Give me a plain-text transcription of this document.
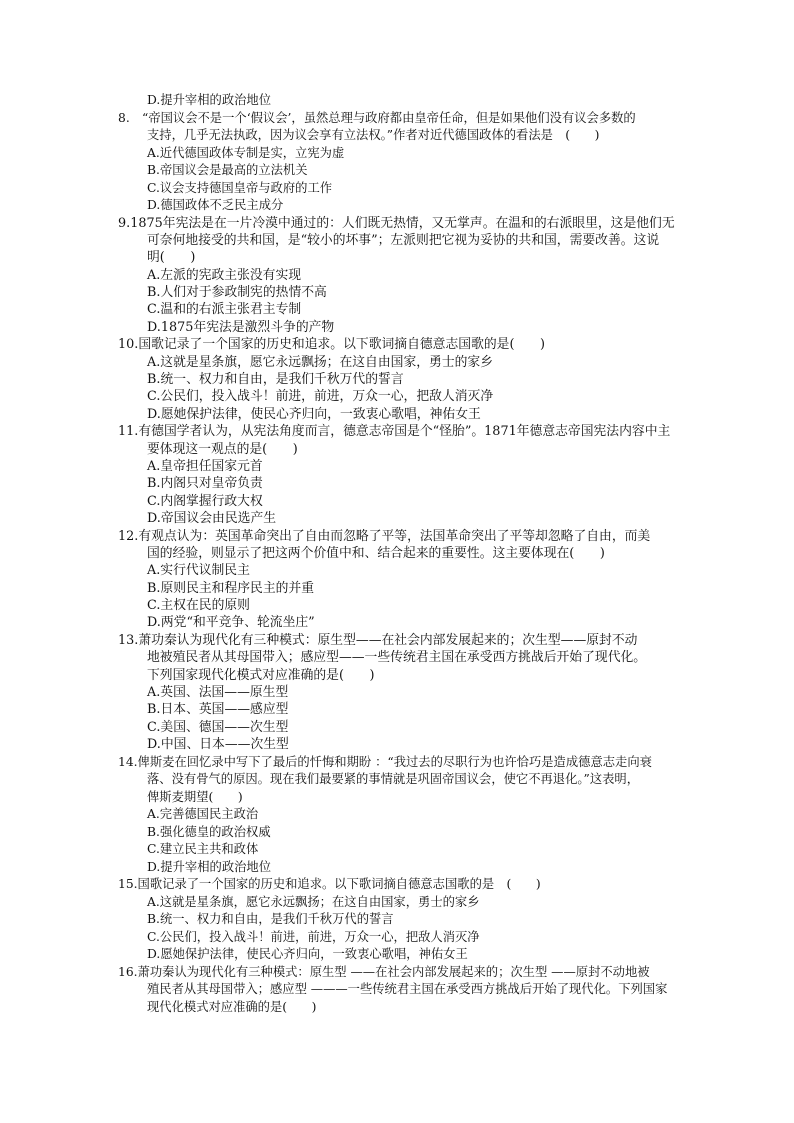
D.提升宰相的政治地位
8.　“帝国议会不是一个‘假议会’，虽然总理与政府都由皇帝任命，但是如果他们没有议会多数的
支持，几乎无法执政，因为议会享有立法权。”作者对近代德国政体的看法是　(　　)
A.近代德国政体专制是实，立宪为虚
B.帝国议会是最高的立法机关
C.议会支持德国皇帝与政府的工作
D.德国政体不乏民主成分
9.1875年宪法是在一片冷漠中通过的：人们既无热情，又无掌声。在温和的右派眼里，这是他们无
可奈何地接受的共和国，是“较小的坏事”；左派则把它视为妥协的共和国，需要改善。这说
明(　　)
A.左派的宪政主张没有实现
B.人们对于参政制宪的热情不高
C.温和的右派主张君主专制
D.1875年宪法是激烈斗争的产物
10.国歌记录了一个国家的历史和追求。以下歌词摘自德意志国歌的是(　　)
A.这就是星条旗，愿它永远飘扬；在这自由国家，勇士的家乡
B.统一、权力和自由，是我们千秋万代的誓言
C.公民们，投入战斗！前进，前进，万众一心，把敌人消灭净
D.愿她保护法律，使民心齐归向，一致衷心歌唱，神佑女王
11.有德国学者认为，从宪法角度而言，德意志帝国是个“怪胎”。1871年德意志帝国宪法内容中主
要体现这一观点的是(　　)
A.皇帝担任国家元首
B.内阁只对皇帝负责
C.内阁掌握行政大权
D.帝国议会由民选产生
12.有观点认为：英国革命突出了自由而忽略了平等，法国革命突出了平等却忽略了自由，而美
国的经验，则显示了把这两个价值中和、结合起来的重要性。这主要体现在(　　)
A.实行代议制民主
B.原则民主和程序民主的并重
C.主权在民的原则
D.两党“和平竞争、轮流坐庄”
13.萧功秦认为现代化有三种模式：原生型——在社会内部发展起来的；次生型——原封不动
地被殖民者从其母国带入；感应型——一些传统君主国在承受西方挑战后开始了现代化。
下列国家现代化模式对应准确的是(　　)
A.英国、法国——原生型
B.日本、英国——感应型
C.美国、德国——次生型
D.中国、日本——次生型
14.俾斯麦在回忆录中写下了最后的忏悔和期盼 ：“我过去的尽职行为也许恰巧是造成德意志走向衰
落、没有骨气的原因。现在我们最要紧的事情就是巩固帝国议会，使它不再退化。”这表明，
俾斯麦期望(　　)
A.完善德国民主政治
B.强化德皇的政治权威
C.建立民主共和政体
D.提升宰相的政治地位
15.国歌记录了一个国家的历史和追求。以下歌词摘自德意志国歌的是　(　　)
A.这就是星条旗，愿它永远飘扬；在这自由国家，勇士的家乡
B.统一、权力和自由，是我们千秋万代的誓言
C.公民们，投入战斗！前进，前进，万众一心，把敌人消灭净
D.愿她保护法律，使民心齐归向，一致衷心歌唱，神佑女王
16.萧功秦认为现代化有三种模式：原生型 ——在社会内部发展起来的；次生型 ——原封不动地被
殖民者从其母国带入；感应型 ———一些传统君主国在承受西方挑战后开始了现代化。下列国家
现代化模式对应准确的是(　　)
